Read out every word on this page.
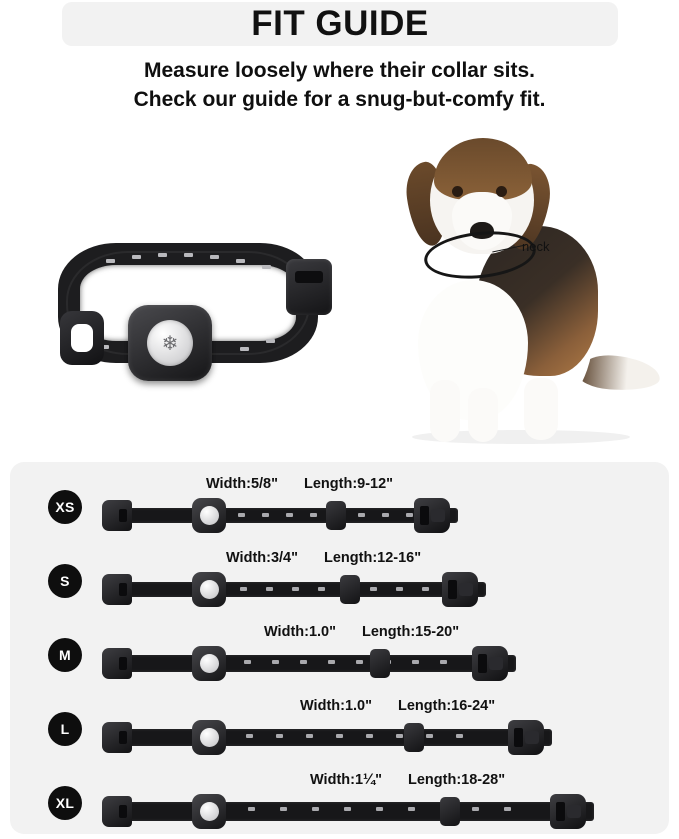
FIT GUIDE
Measure loosely where their collar sits.
Check our guide for a snug-but-comfy fit.
❄
neck
XS
Width:5/8" Length:9-12"
S
Width:3/4" Length:12-16"
M
Width:1.0" Length:15-20"
L
Width:1.0" Length:16-24"
XL
Width:1¼" Length:18-28"
